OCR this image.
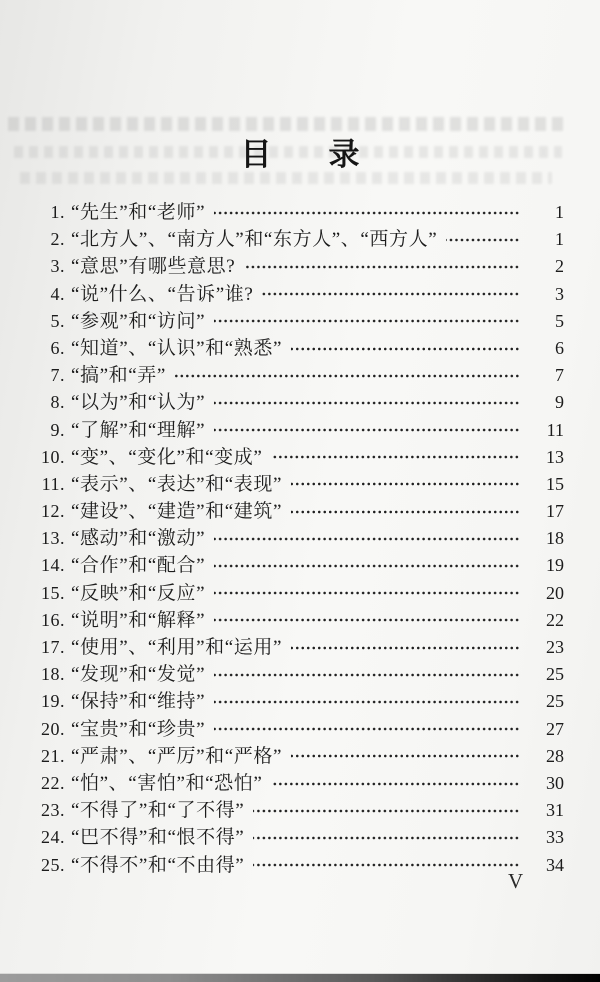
目 录
1. “先生”和“老师”	1
2. “北方人”、“南方人”和“东方人”、“西方人”	1
3. “意思”有哪些意思?	2
4. “说”什么、“告诉”谁?	3
5. “参观”和“访问”	5
6. “知道”、“认识”和“熟悉”	6
7. “搞”和“弄”	7
8. “以为”和“认为”	9
9. “了解”和“理解”	11
10. “变”、“变化”和“变成”	13
11. “表示”、“表达”和“表现”	15
12. “建设”、“建造”和“建筑”	17
13. “感动”和“激动”	18
14. “合作”和“配合”	19
15. “反映”和“反应”	20
16. “说明”和“解释”	22
17. “使用”、“利用”和“运用”	23
18. “发现”和“发觉”	25
19. “保持”和“维持”	25
20. “宝贵”和“珍贵”	27
21. “严肃”、“严厉”和“严格”	28
22. “怕”、“害怕”和“恐怕”	30
23. “不得了”和“了不得”	31
24. “巴不得”和“恨不得”	33
25. “不得不”和“不由得”	34
V
